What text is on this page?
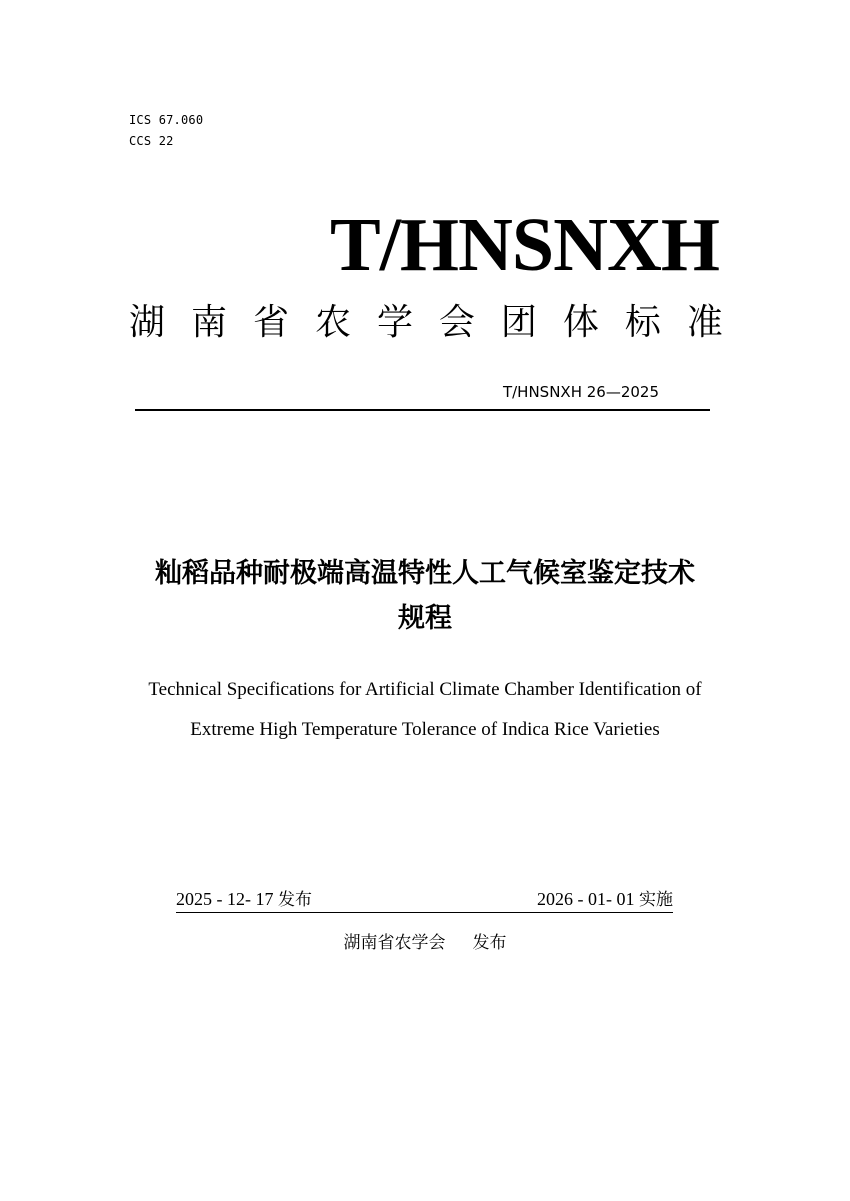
ICS 67.060
CCS 22
T/HNSNXH
湖 南 省 农 学 会 团 体 标 准
T/HNSNXH 26—2025
籼稻品种耐极端高温特性人工气候室鉴定技术
规程
Technical Specifications for Artificial Climate Chamber Identification of
Extreme High Temperature Tolerance of Indica Rice Varieties
2025 - 12- 17 发布	2026 - 01- 01 实施
湖南省农学会 发布
